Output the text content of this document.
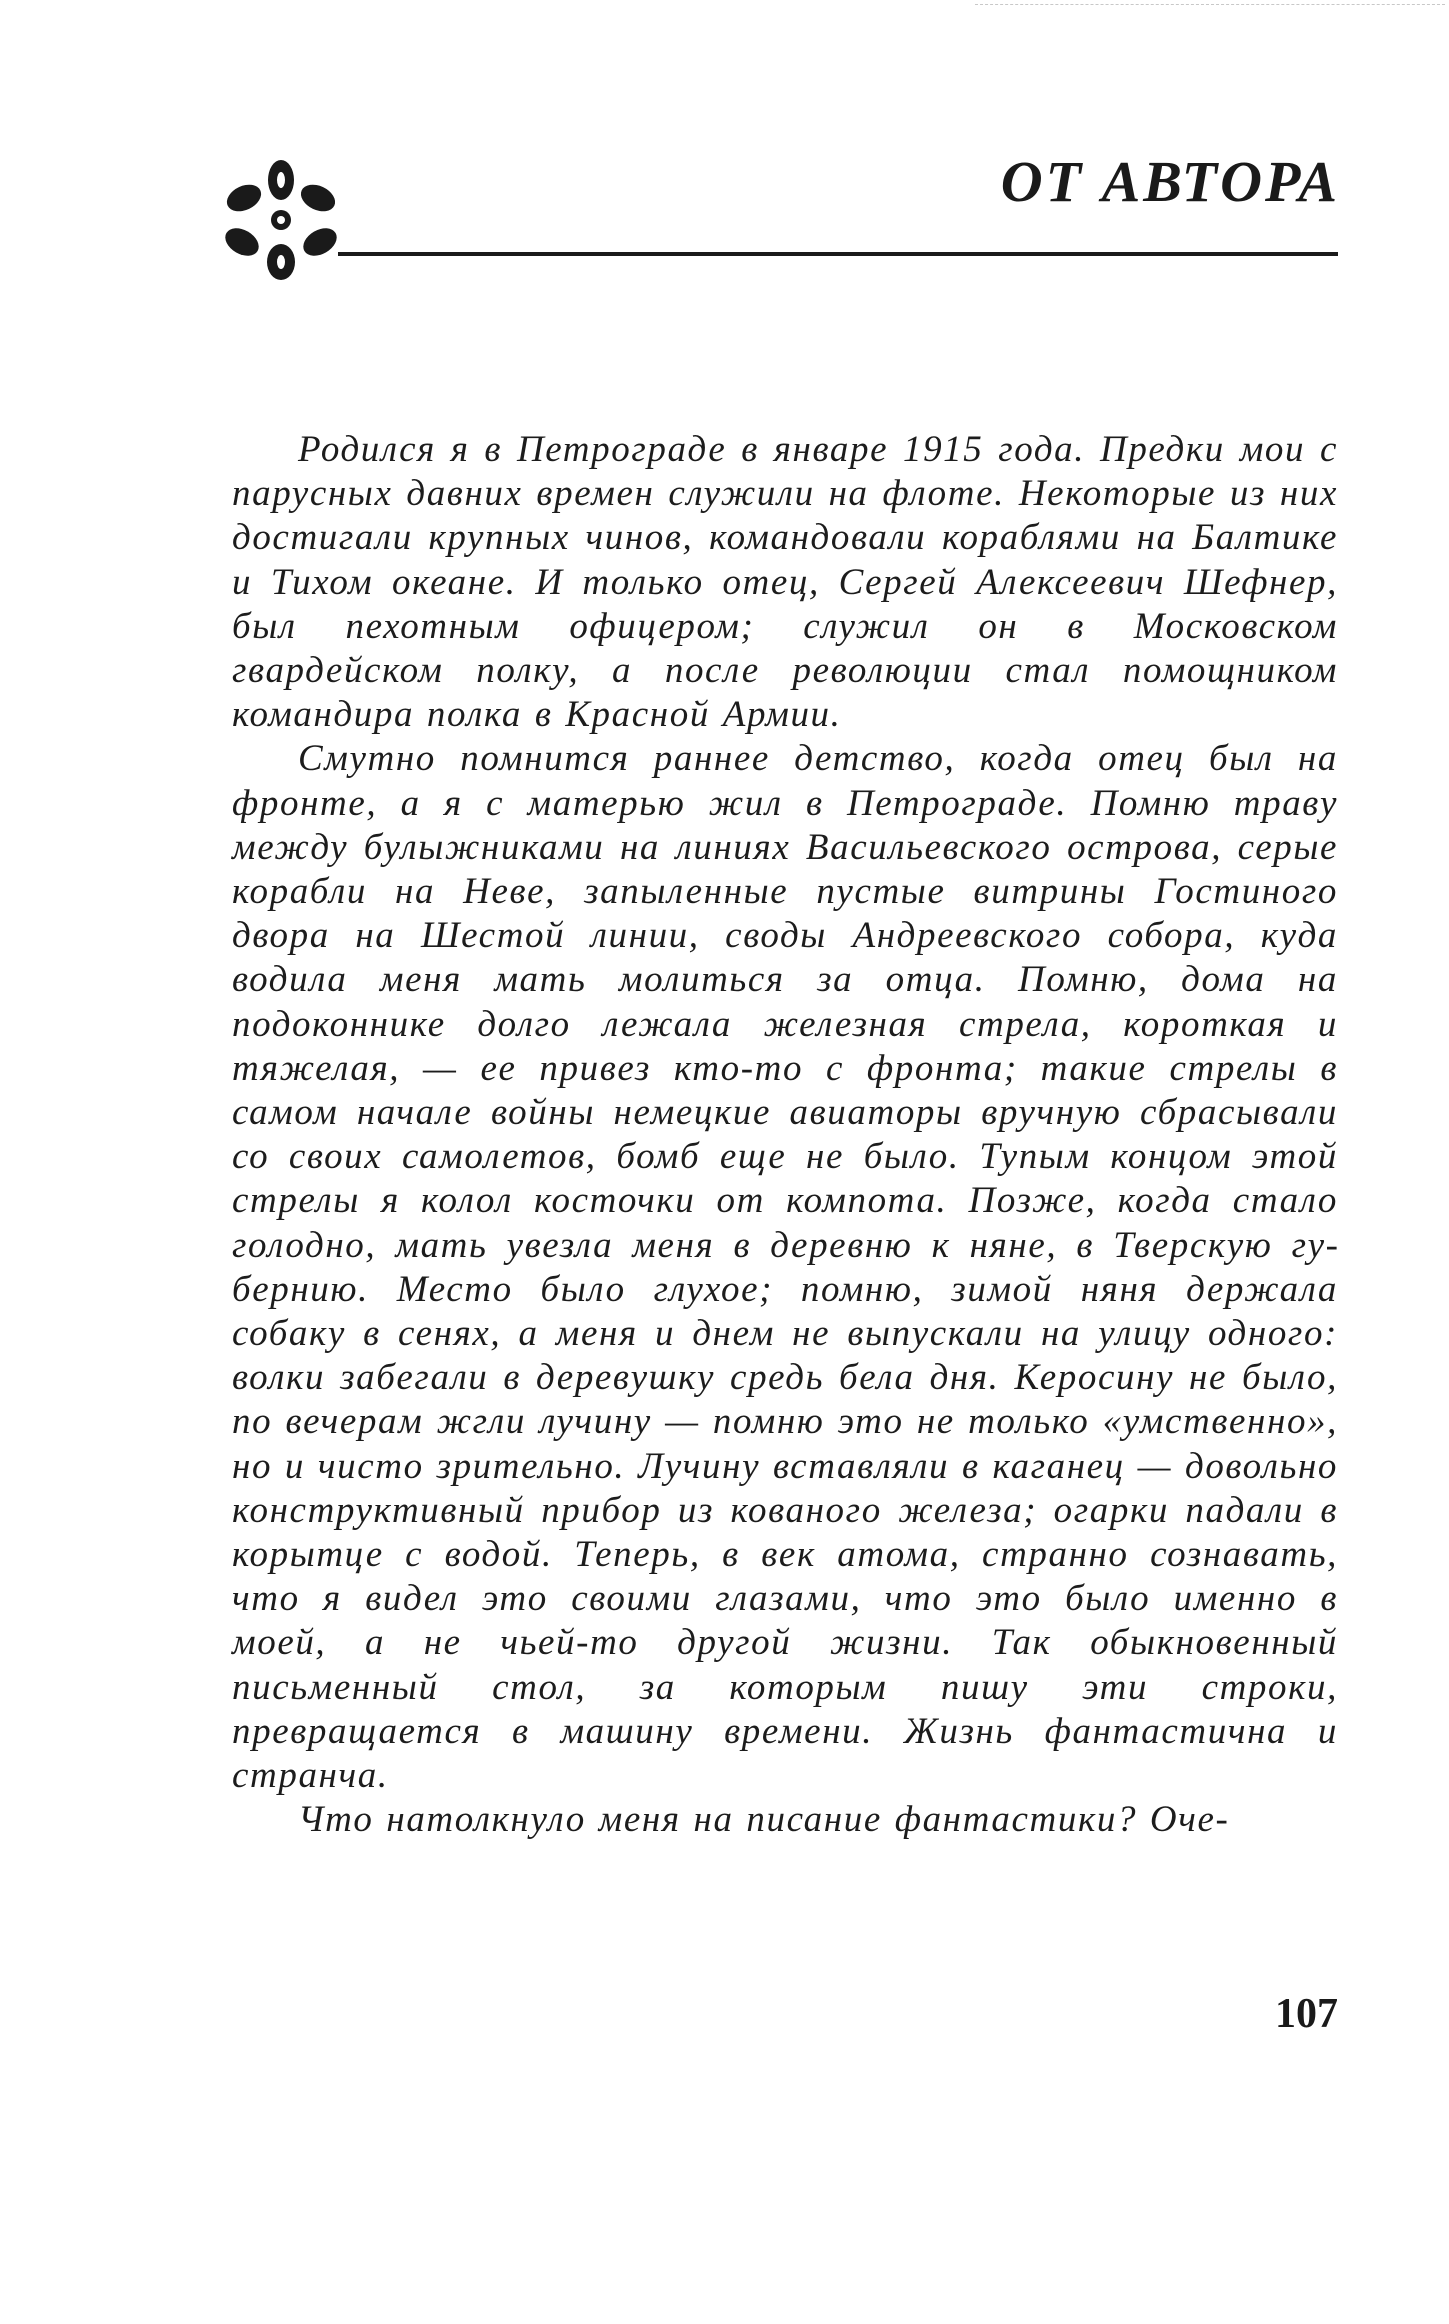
ОТ АВТОРА

Родился я в Петрограде в январе 1915 года. Предки мои с парусных давних времен служили на флоте. Некоторые из них достигали крупных чинов, командовали кораблями на Балтике и Тихом океане. И только отец, Сергей Алексеевич Шефнер, был пехотным офицером; служил он в Московском гвардейском полку, а после революции стал помощником командира полка в Красной Армии.

Смутно помнится раннее детство, когда отец был на фронте, а я с матерью жил в Петрограде. Помню траву между булыжниками на линиях Васильевского острова, серые корабли на Неве, запыленные пустые витрины Гостиного двора на Шестой линии, своды Андреевского собора, куда водила меня мать молиться за отца. Помню, дома на подоконнике долго лежала железная стрела, короткая и тяжелая, — ее привез кто-то с фронта; такие стрелы в самом начале войны немецкие авиаторы вручную сбрасывали со своих самолетов, бомб еще не было. Тупым концом этой стрелы я колол косточки от компота. Позже, когда стало голодно, мать увезла меня в деревню к няне, в Тверскую губернию. Место было глухое; помню, зимой няня держала собаку в сенях, а меня и днем не выпускали на улицу одного: волки забегали в деревушку средь бела дня. Керосину не было, по вечерам жгли лучину — помню это не только «умственно», но и чисто зрительно. Лучину вставляли в каганец — довольно конструктивный прибор из кованого железа; огарки падали в корытце с водой. Теперь, в век атома, странно сознавать, что я видел это своими глазами, что это было именно в моей, а не чьей-то другой жизни. Так обыкновенный письменный стол, за которым пишу эти строки, превращается в машину времени. Жизнь фантастична и странча.

Что натолкнуло меня на писание фантастики? Оче-

107
